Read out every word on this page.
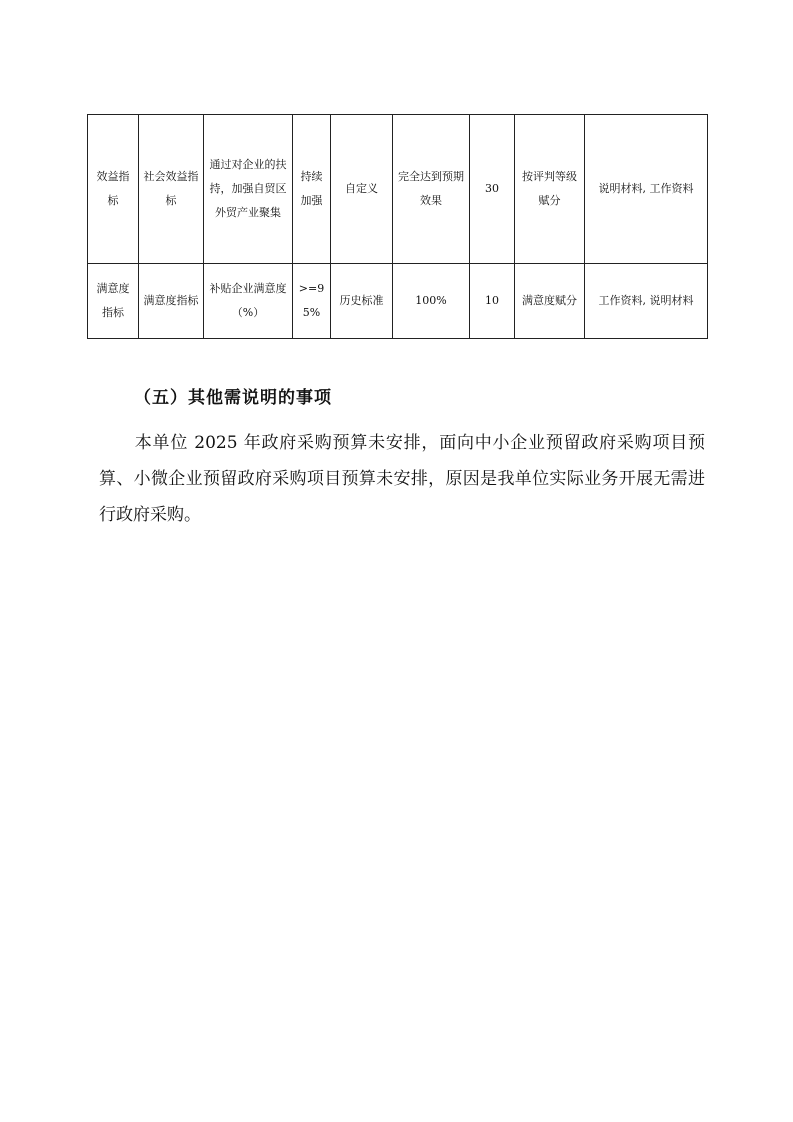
效益指标	社会效益指标	通过对企业的扶持，加强自贸区外贸产业聚集	持续加强	自定义	完全达到预期效果	30	按评判等级赋分	说明材料, 工作资料
满意度指标	满意度指标	补贴企业满意度（%）	>=95%	历史标准	100%	10	满意度赋分	工作资料, 说明材料
（五）其他需说明的事项

本单位 2025 年政府采购预算未安排，面向中小企业预留政府采购项目预算、小微企业预留政府采购项目预算未安排，原因是我单位实际业务开展无需进行政府采购。
